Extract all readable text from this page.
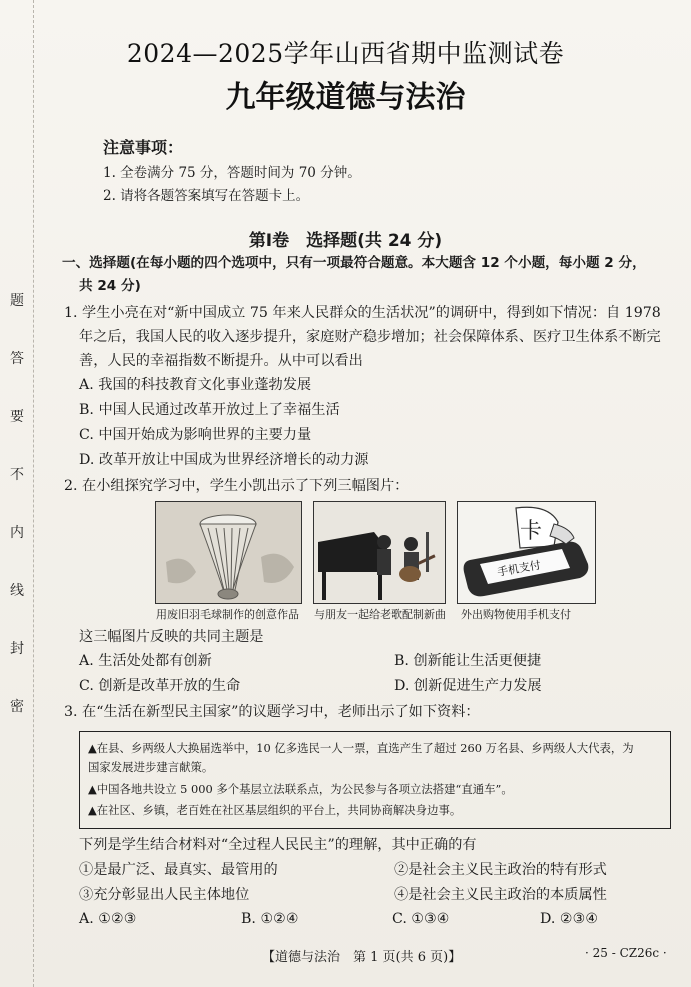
题
答
要
不
内
线
封
密
2024—2025学年山西省期中监测试卷
九年级道德与法治
注意事项：
1. 全卷满分 75 分，答题时间为 70 分钟。
2. 请将各题答案填写在答题卡上。
第Ⅰ卷　选择题(共 24 分)
一、选择题(在每小题的四个选项中，只有一项最符合题意。本大题含 12 个小题，每小题 2 分，
共 24 分)
1. 学生小亮在对“新中国成立 75 年来人民群众的生活状况”的调研中，得到如下情况：自 1978
年之后，我国人民的收入逐步提升，家庭财产稳步增加；社会保障体系、医疗卫生体系不断完
善，人民的幸福指数不断提升。从中可以看出
A. 我国的科技教育文化事业蓬勃发展
B. 中国人民通过改革开放过上了幸福生活
C. 中国开始成为影响世界的主要力量
D. 改革开放让中国成为世界经济增长的动力源
2. 在小组探究学习中，学生小凯出示了下列三幅图片：
卡
手机支付
用废旧羽毛球制作的创意作品 与朋友一起给老歌配制新曲 外出购物使用手机支付
这三幅图片反映的共同主题是
A. 生活处处都有创新	B. 创新能让生活更便捷
C. 创新是改革开放的生命	D. 创新促进生产力发展
3. 在“生活在新型民主国家”的议题学习中，老师出示了如下资料：
▲在县、乡两级人大换届选举中，10 亿多选民一人一票，直选产生了超过 260 万名县、乡两级人大代表，为
国家发展进步建言献策。
▲中国各地共设立 5 000 多个基层立法联系点，为公民参与各项立法搭建“直通车”。
▲在社区、乡镇，老百姓在社区基层组织的平台上，共同协商解决身边事。
下列是学生结合材料对“全过程人民民主”的理解，其中正确的有
①是最广泛、最真实、最管用的	②是社会主义民主政治的特有形式
③充分彰显出人民主体地位	④是社会主义民主政治的本质属性
A. ①②③	B. ①②④	C. ①③④	D. ②③④
【道德与法治　第 1 页(共 6 页)】	· 25 - CZ26c ·
